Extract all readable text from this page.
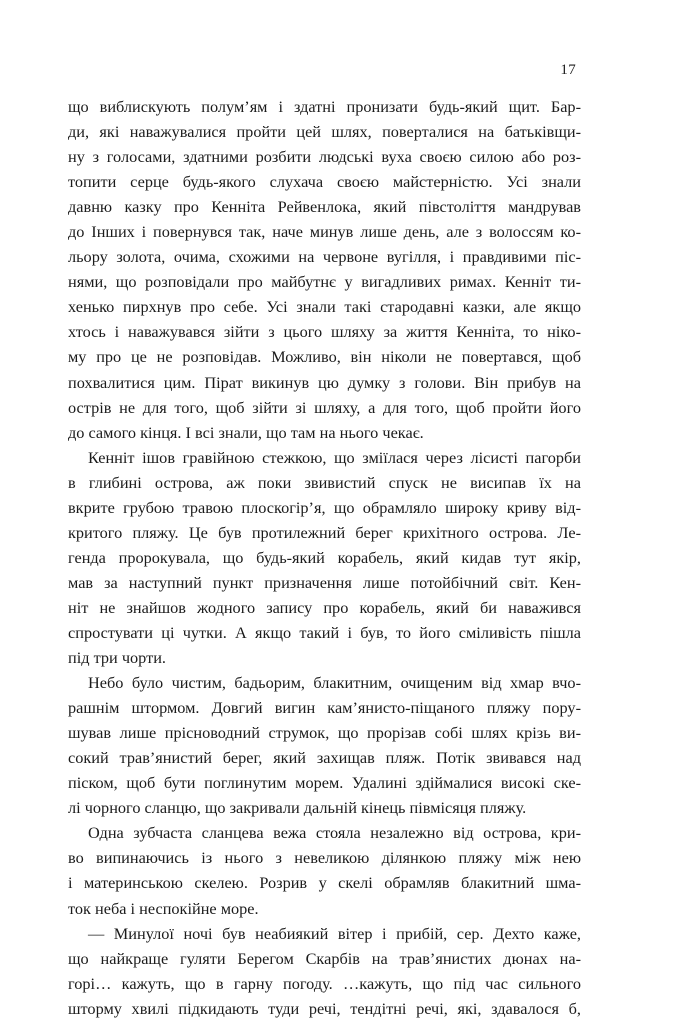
17
що виблискують полум’ям і здатні пронизати будь-який щит. Бар-
ди, які наважувалися пройти цей шлях, поверталися на батьківщи-
ну з голосами, здатними розбити людські вуха своєю силою або роз-
топити серце будь-якого слухача своєю майстерністю. Усі знали
давню казку про Кенніта Рейвенлока, який півстоліття мандрував
до Інших і повернувся так, наче минув лише день, але з волоссям ко-
льору золота, очима, схожими на червоне вугілля, і правдивими піс-
нями, що розповідали про майбутнє у вигадливих римах. Кенніт ти-
хенько пирхнув про себе. Усі знали такі стародавні казки, але якщо
хтось і наважувався зійти з цього шляху за життя Кенніта, то ніко-
му про це не розповідав. Можливо, він ніколи не повертався, щоб
похвалитися цим. Пірат викинув цю думку з голови. Він прибув на
острів не для того, щоб зійти зі шляху, а для того, щоб пройти його
до самого кінця. І всі знали, що там на нього чекає.
Кенніт ішов гравійною стежкою, що зміїлася через лісисті пагорби
в глибині острова, аж поки звивистий спуск не висипав їх на
вкрите грубою травою плоскогір’я, що обрамляло широку криву від-
критого пляжу. Це був протилежний берег крихітного острова. Ле-
генда пророкувала, що будь-який корабель, який кидав тут якір,
мав за наступний пункт призначення лише потойбічний світ. Кен-
ніт не знайшов жодного запису про корабель, який би наважився
спростувати ці чутки. А якщо такий і був, то його сміливість пішла
під три чорти.
Небо було чистим, бадьорим, блакитним, очищеним від хмар вчо-
рашнім штормом. Довгий вигин кам’янисто-піщаного пляжу пору-
шував лише прісноводний струмок, що прорізав собі шлях крізь ви-
сокий трав’янистий берег, який захищав пляж. Потік звивався над
піском, щоб бути поглинутим морем. Удалині здіймалися високі ске-
лі чорного сланцю, що закривали дальній кінець півмісяця пляжу.
Одна зубчаста сланцева вежа стояла незалежно від острова, кри-
во випинаючись із нього з невеликою ділянкою пляжу між нею
і материнською скелею. Розрив у скелі обрамляв блакитний шма-
ток неба і неспокійне море.
— Минулої ночі був неабиякий вітер і прибій, сер. Дехто каже,
що найкраще гуляти Берегом Скарбів на трав’янистих дюнах на-
горі… кажуть, що в гарну погоду. …кажуть, що під час сильного
шторму хвилі підкидають туди речі, тендітні речі, які, здавалося б,
